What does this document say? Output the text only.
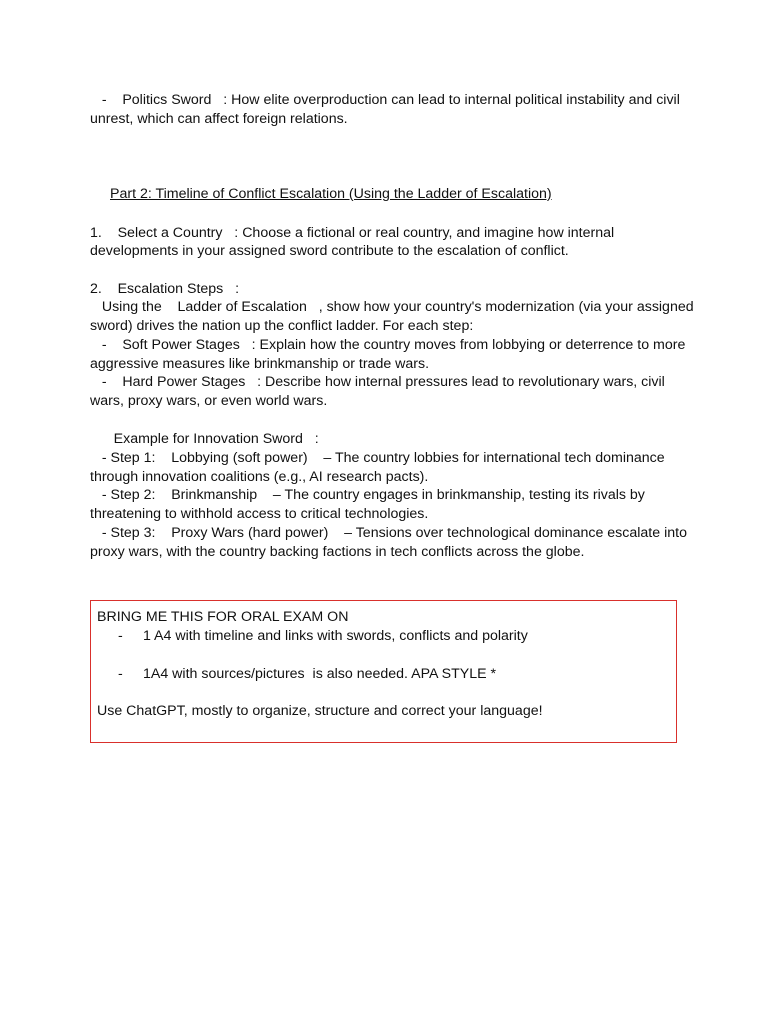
-    Politics Sword   : How elite overproduction can lead to internal political instability and civil

unrest, which can affect foreign relations.

Part 2: Timeline of Conflict Escalation (Using the Ladder of Escalation)

1.    Select a Country   : Choose a fictional or real country, and imagine how internal

developments in your assigned sword contribute to the escalation of conflict.

2.    Escalation Steps   :

Using the    Ladder of Escalation   , show how your country's modernization (via your assigned

sword) drives the nation up the conflict ladder. For each step:

-    Soft Power Stages   : Explain how the country moves from lobbying or deterrence to more

aggressive measures like brinkmanship or trade wars.

-    Hard Power Stages   : Describe how internal pressures lead to revolutionary wars, civil

wars, proxy wars, or even world wars.

Example for Innovation Sword   :

- Step 1:    Lobbying (soft power)    – The country lobbies for international tech dominance

through innovation coalitions (e.g., AI research pacts).

- Step 2:    Brinkmanship    – The country engages in brinkmanship, testing its rivals by

threatening to withhold access to critical technologies.

- Step 3:    Proxy Wars (hard power)    – Tensions over technological dominance escalate into

proxy wars, with the country backing factions in tech conflicts across the globe.

BRING ME THIS FOR ORAL EXAM ON

- 1 A4 with timeline and links with swords, conflicts and polarity

- 1A4 with sources/pictures  is also needed. APA STYLE *

Use ChatGPT, mostly to organize, structure and correct your language!
